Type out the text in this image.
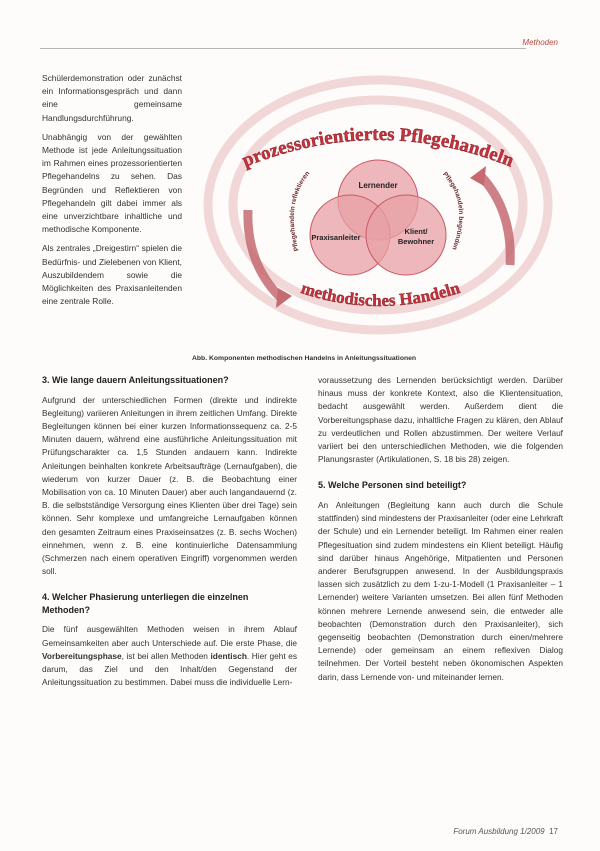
Methoden

Schülerdemonstration oder zunächst ein Informationsgespräch und dann eine gemeinsame Handlungsdurchführung.

Unabhängig von der gewählten Methode ist jede Anleitungssituation im Rahmen eines prozessorientierten Pflegehandelns zu sehen. Das Begründen und Reflektieren von Pflegehandeln gilt dabei immer als eine unverzichtbare inhaltliche und methodische Komponente.

Als zentrales „Dreigestirn“ spielen die Bedürfnis- und Zielebenen von Klient, Auszubildendem sowie die Möglichkeiten des Praxisanleitenden eine zentrale Rolle.

prozessorientiertes Pflegehandeln
Pflegehandeln reflektieren	Pflegehandeln begründen
Lernender
Praxisanleiter
Klient/
Bewohner
methodisches Handeln
Abb. Komponenten methodischen Handelns in Anleitungssituationen

3. Wie lange dauern Anleitungssituationen?

Aufgrund der unterschiedlichen Formen (direkte und indirekte Begleitung) variieren Anleitungen in ihrem zeitlichen Umfang. Direkte Begleitungen können bei einer kurzen Informationssequenz ca. 2-5 Minuten dauern, während eine ausführliche Anleitungssituation mit Prüfungscharakter ca. 1,5 Stunden andauern kann. Indirekte Anleitungen beinhalten konkrete Arbeitsaufträge (Lernaufgaben), die wiederum von kurzer Dauer (z. B. die Beobachtung einer Mobilisation von ca. 10 Minuten Dauer) aber auch langandauernd (z. B. die selbstständige Versorgung eines Klienten über drei Tage) sein können. Sehr komplexe und umfangreiche Lernaufgaben können den gesamten Zeitraum eines Praxiseinsatzes (z. B. sechs Wochen) einnehmen, wenn z. B. eine kontinuierliche Datensammlung (Schmerzen nach einem operativen Eingriff) vorgenommen werden soll.

4. Welcher Phasierung unterliegen die einzelnen Methoden?

Die fünf ausgewählten Methoden weisen in ihrem Ablauf Gemeinsamkeiten aber auch Unterschiede auf. Die erste Phase, die Vorbereitungsphase, ist bei allen Methoden identisch. Hier geht es darum, das Ziel und den Inhalt/den Gegenstand der Anleitungssituation zu bestimmen. Dabei muss die individuelle Lern-

voraussetzung des Lernenden berücksichtigt werden. Darüber hinaus muss der konkrete Kontext, also die Klientensituation, bedacht ausgewählt werden. Außerdem dient die Vorbereitungsphase dazu, inhaltliche Fragen zu klären, den Ablauf zu verdeutlichen und Rollen abzustimmen. Der weitere Verlauf variiert bei den unterschiedlichen Methoden, wie die folgenden Planungsraster (Artikulationen, S. 18 bis 28) zeigen.

5. Welche Personen sind beteiligt?

An Anleitungen (Begleitung kann auch durch die Schule stattfinden) sind mindestens der Praxisanleiter (oder eine Lehrkraft der Schule) und ein Lernender beteiligt. Im Rahmen einer realen Pflegesituation sind zudem mindestens ein Klient beteiligt. Häufig sind darüber hinaus Angehörige, Mitpatienten und Personen anderer Berufsgruppen anwesend. In der Ausbildungspraxis lassen sich zusätzlich zu dem 1-zu-1-Modell (1 Praxisanleiter – 1 Lernender) weitere Varianten umsetzen. Bei allen fünf Methoden können mehrere Lernende anwesend sein, die entweder alle beobachten (Demonstration durch den Praxisanleiter), sich gegenseitig beobachten (Demonstration durch einen/mehrere Lernende) oder gemeinsam an einem reflexiven Dialog teilnehmen. Der Vorteil besteht neben ökonomischen Aspekten darin, dass Lernende von- und miteinander lernen.

Forum Ausbildung 1/2009 17
